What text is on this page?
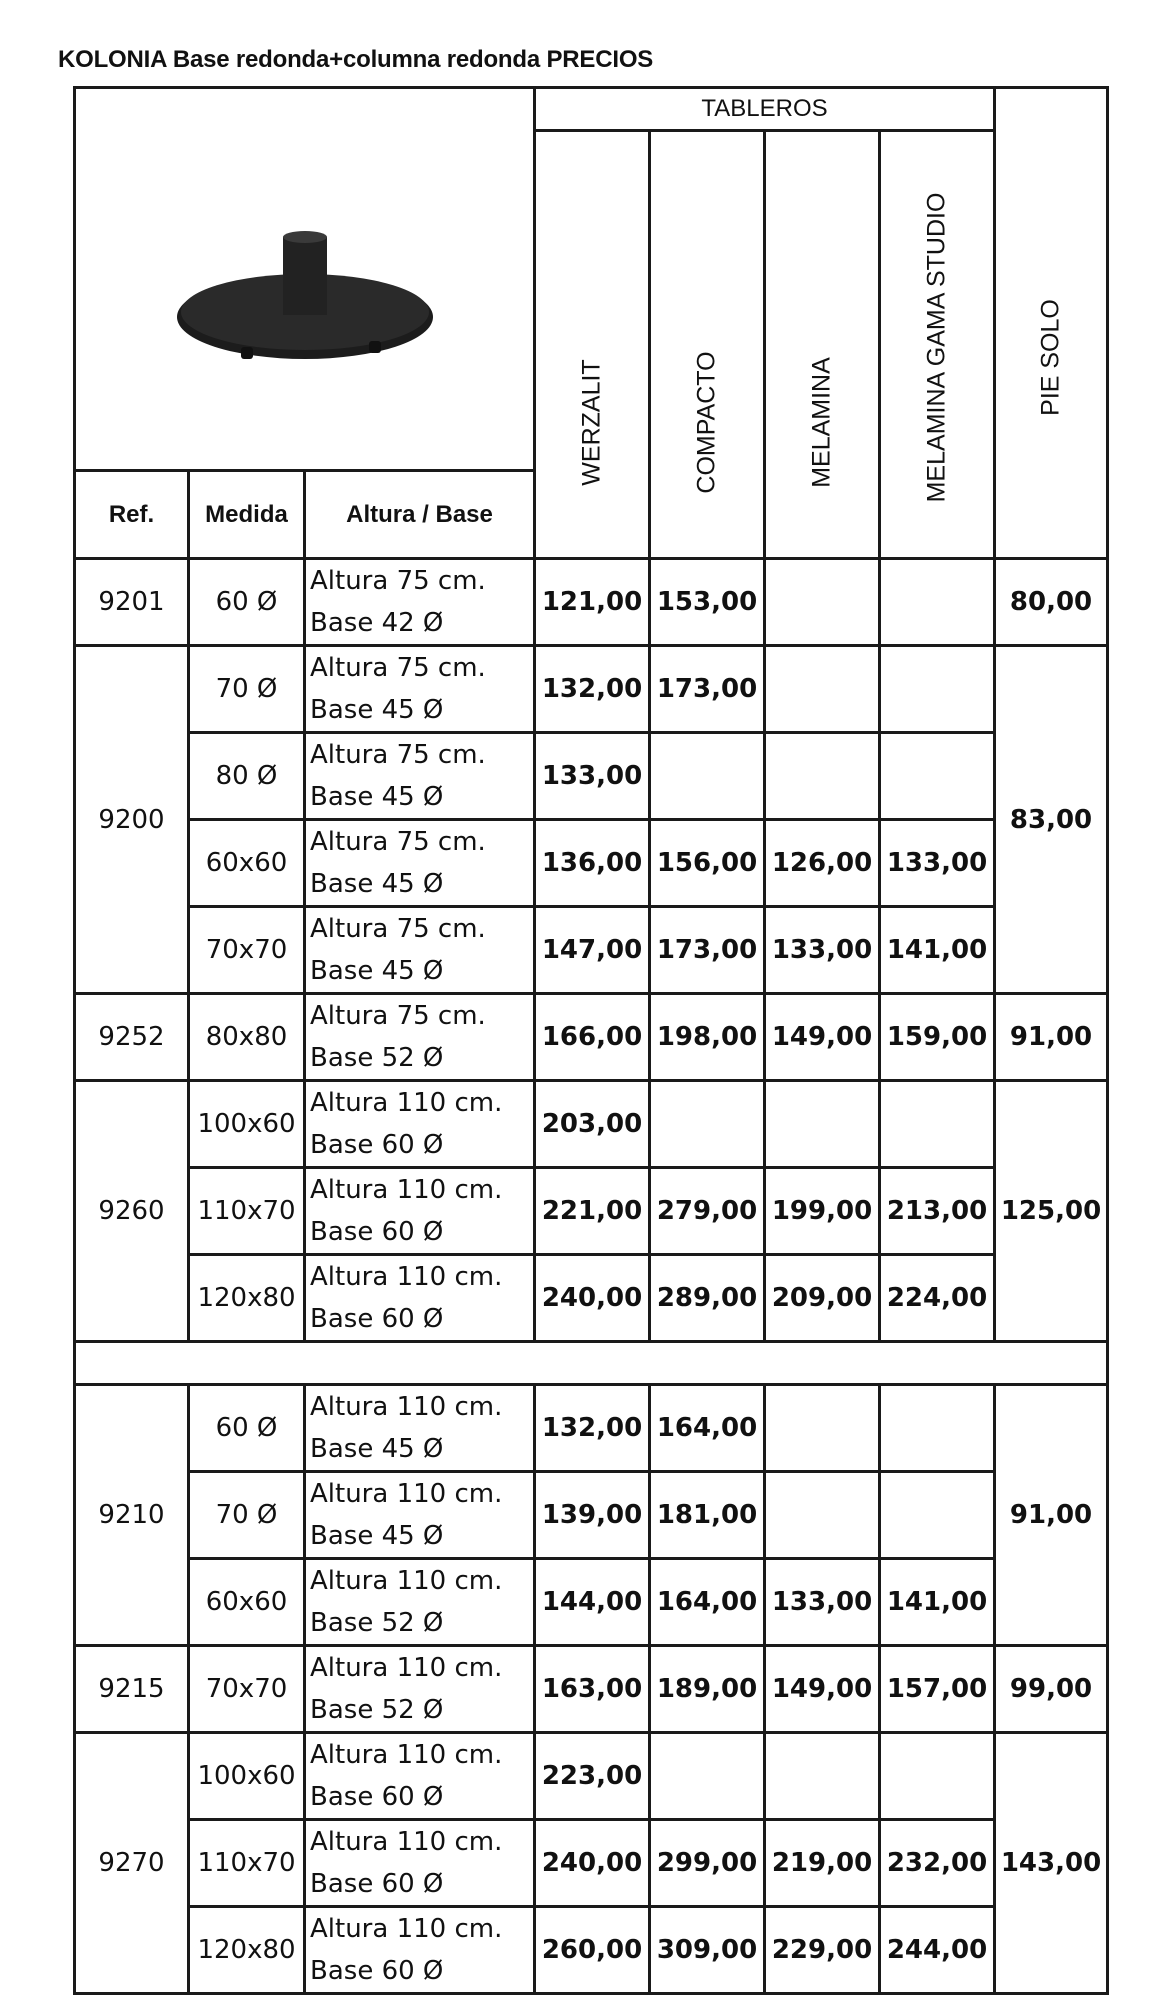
KOLONIA Base redonda+columna redonda PRECIOS
	TABLEROS				PIE SOLO

			WERZALIT	COMPACTO	MELAMINA	MELAMINA GAMA STUDIO	

Ref.	Medida	Altura / Base					
9201	60 Ø	Altura 75 cm.
Base 42 Ø	121,00	153,00			80,00
9200	70 Ø	Altura 75 cm.
Base 45 Ø	132,00	173,00			83,00
	80 Ø	Altura 75 cm.
Base 45 Ø	133,00				
	60x60	Altura 75 cm.
Base 45 Ø	136,00	156,00	126,00	133,00	
	70x70	Altura 75 cm.
Base 45 Ø	147,00	173,00	133,00	141,00	
9252	80x80	Altura 75 cm.
Base 52 Ø	166,00	198,00	149,00	159,00	91,00
9260	100x60	Altura 110 cm.
Base 60 Ø	203,00				125,00
	110x70	Altura 110 cm.
Base 60 Ø	221,00	279,00	199,00	213,00	
	120x80	Altura 110 cm.
Base 60 Ø	240,00	289,00	209,00	224,00	

9210	60 Ø	Altura 110 cm.
Base 45 Ø	132,00	164,00			91,00
	70 Ø	Altura 110 cm.
Base 45 Ø	139,00	181,00			
	60x60	Altura 110 cm.
Base 52 Ø	144,00	164,00	133,00	141,00	
9215	70x70	Altura 110 cm.
Base 52 Ø	163,00	189,00	149,00	157,00	99,00
9270	100x60	Altura 110 cm.
Base 60 Ø	223,00				143,00
	110x70	Altura 110 cm.
Base 60 Ø	240,00	299,00	219,00	232,00	
	120x80	Altura 110 cm.
Base 60 Ø	260,00	309,00	229,00	244,00	
